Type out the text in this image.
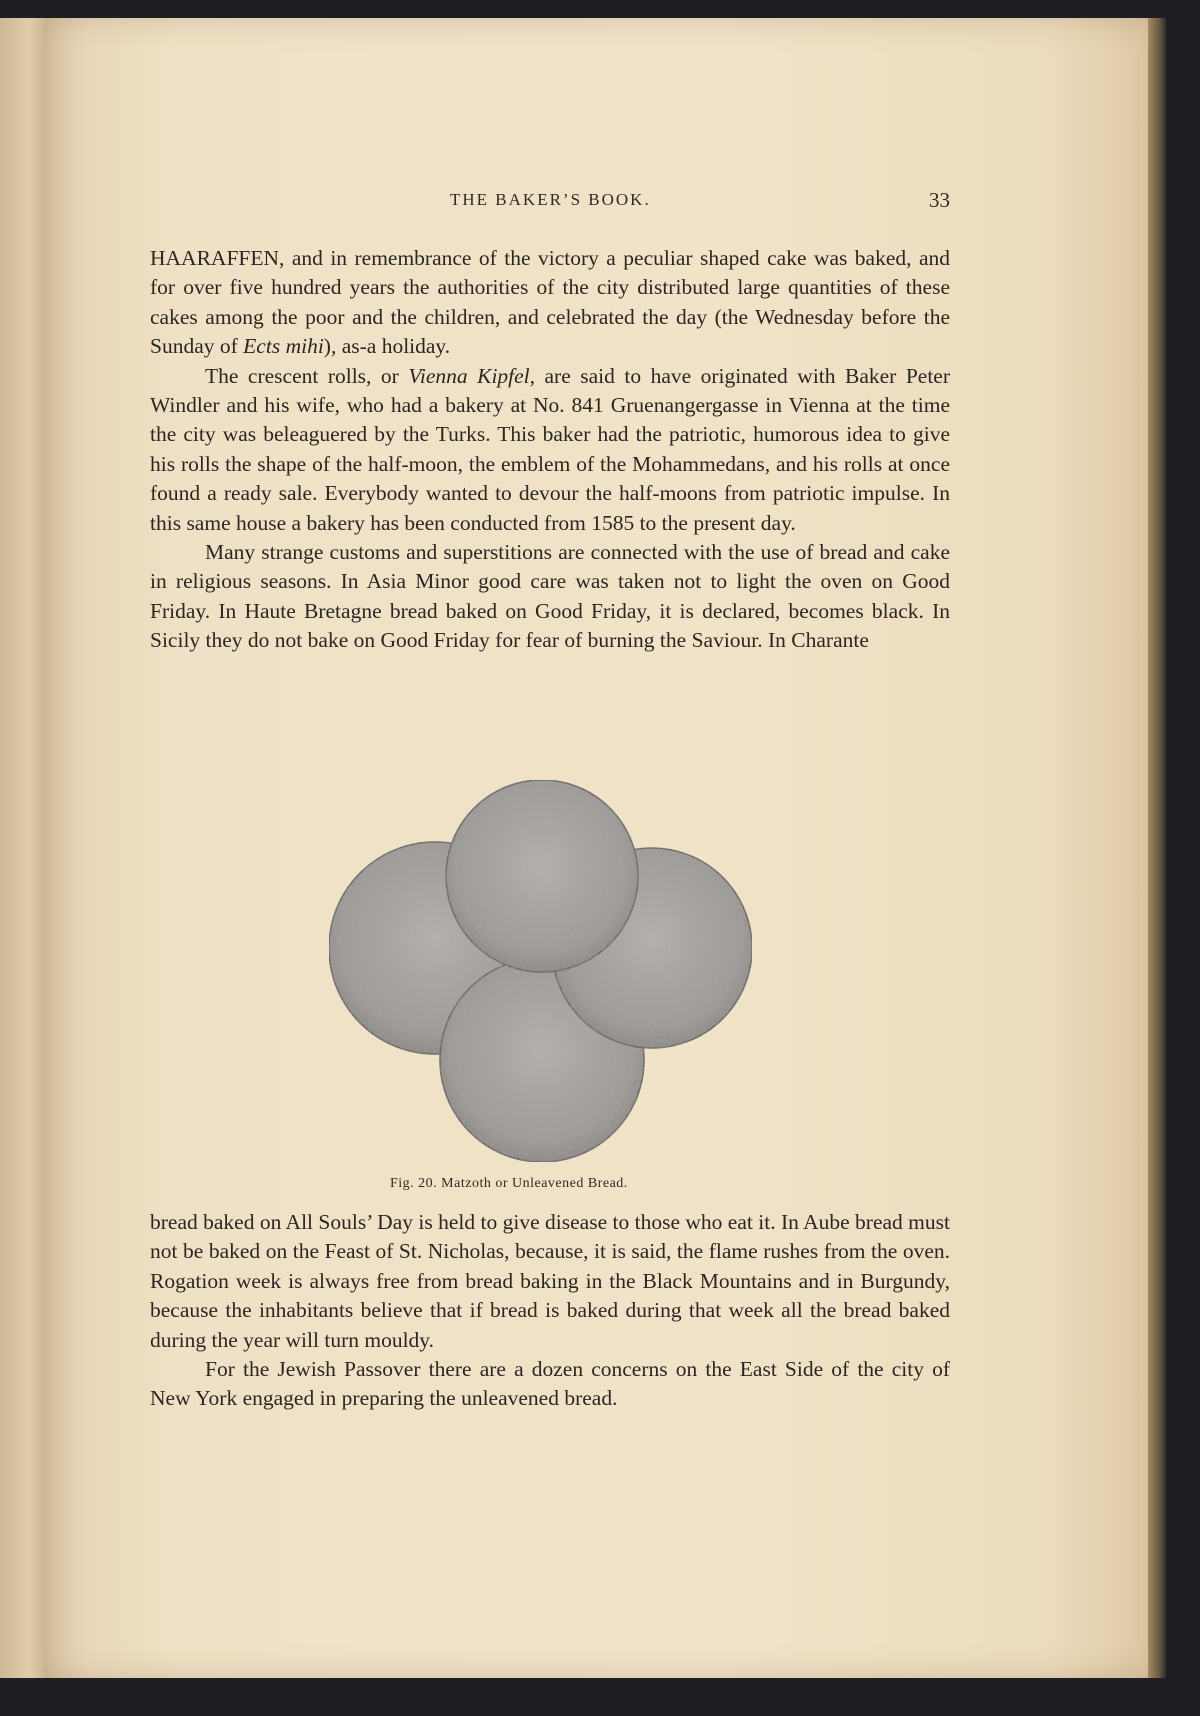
THE BAKER’S BOOK.	33

HAARAFFEN, and in remembrance of the victory a peculiar shaped cake was baked, and for over five hundred years the authorities of the city distributed large quantities of these cakes among the poor and the children, and celebrated the day (the Wednesday before the Sunday of Ects mihi), as-a holiday.

The crescent rolls, or Vienna Kipfel, are said to have originated with Baker Peter Windler and his wife, who had a bakery at No. 841 Gruenangergasse in Vienna at the time the city was beleaguered by the Turks. This baker had the patriotic, humorous idea to give his rolls the shape of the half-moon, the emblem of the Mohammedans, and his rolls at once found a ready sale. Everybody wanted to devour the half-moons from patriotic impulse. In this same house a bakery has been conducted from 1585 to the present day.

Many strange customs and superstitions are connected with the use of bread and cake in religious seasons. In Asia Minor good care was taken not to light the oven on Good Friday. In Haute Bretagne bread baked on Good Friday, it is declared, becomes black. In Sicily they do not bake on Good Friday for fear of burning the Saviour. In Charante

Fig. 20. Matzoth or Unleavened Bread.

bread baked on All Souls’ Day is held to give disease to those who eat it. In Aube bread must not be baked on the Feast of St. Nicholas, because, it is said, the flame rushes from the oven. Rogation week is always free from bread baking in the Black Mountains and in Burgundy, because the inhabitants believe that if bread is baked during that week all the bread baked during the year will turn mouldy.

For the Jewish Passover there are a dozen concerns on the East Side of the city of New York engaged in preparing the unleavened bread.
